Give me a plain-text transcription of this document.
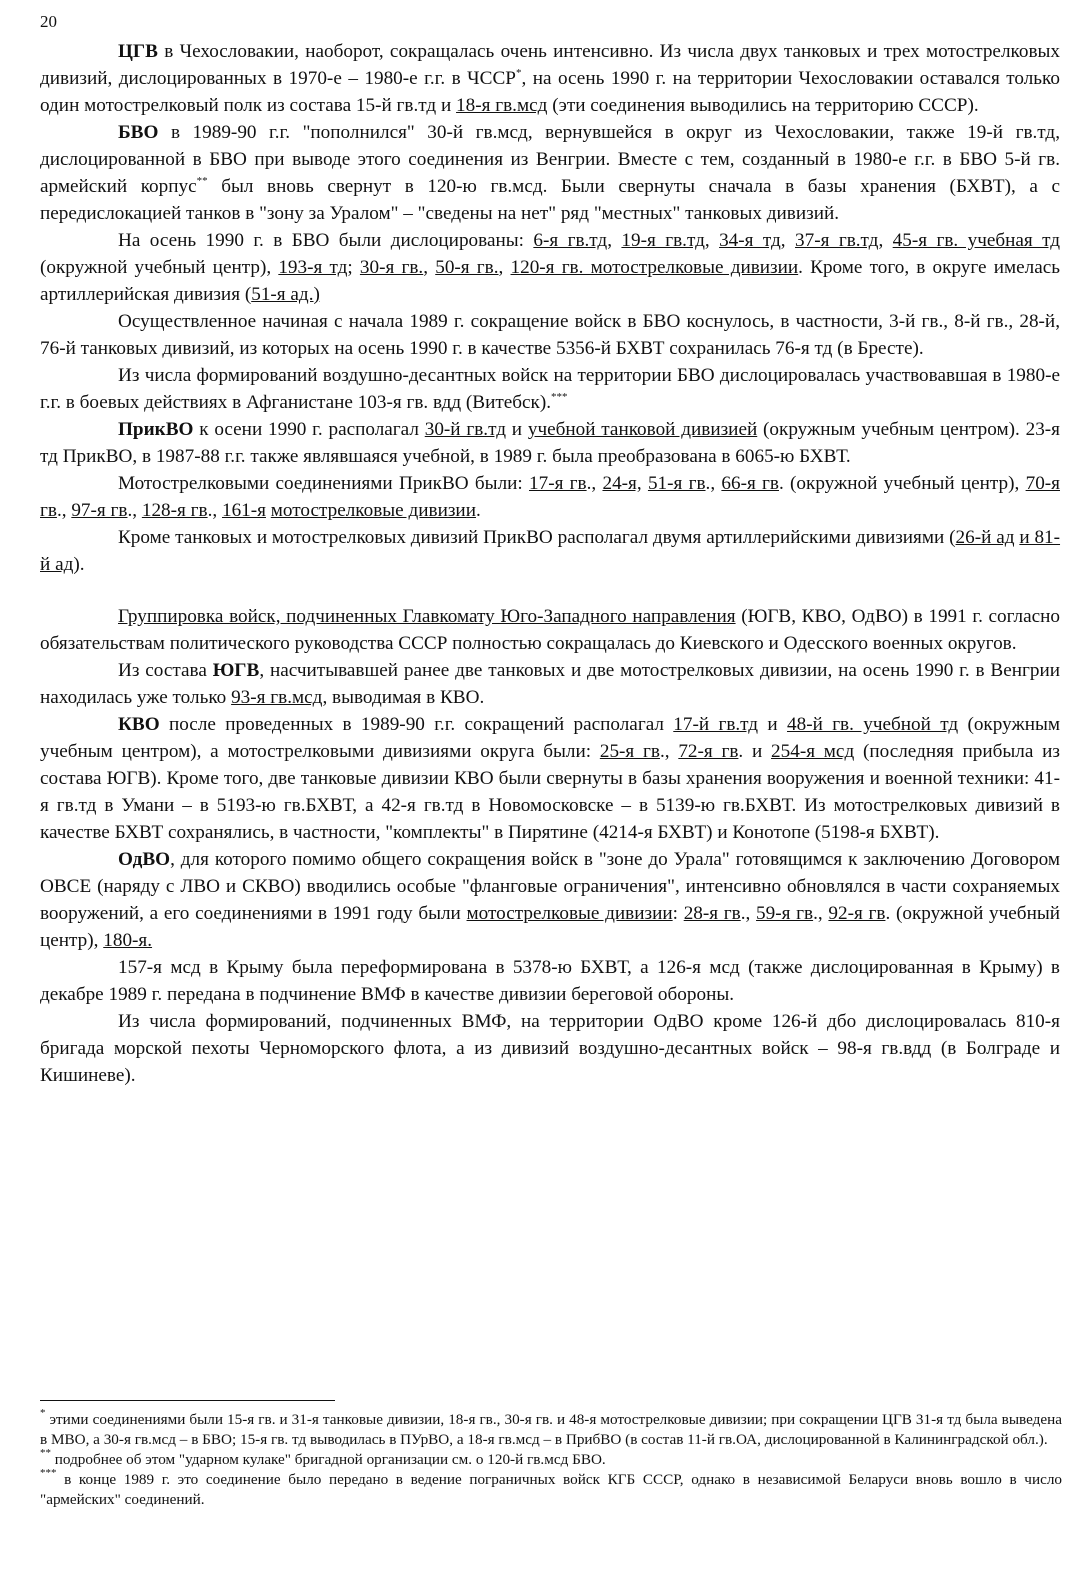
20

ЦГВ в Чехословакии, наоборот, сокращалась очень интенсивно. Из числа двух танковых и трех мотострелковых дивизий, дислоцированных в 1970-е – 1980-е г.г. в ЧССР*, на осень 1990 г. на территории Чехословакии оставался только один мотострелковый полк из состава 15-й гв.тд и 18-я гв.мсд (эти соединения выводились на территорию СССР).

БВО в 1989-90 г.г. "пополнился" 30-й гв.мсд, вернувшейся в округ из Чехословакии, также 19-й гв.тд, дислоцированной в БВО при выводе этого соединения из Венгрии. Вместе с тем, созданный в 1980-е г.г. в БВО 5-й гв. армейский корпус** был вновь свернут в 120-ю гв.мсд. Были свернуты сначала в базы хранения (БХВТ), а с передислокацией танков в "зону за Уралом" – "сведены на нет" ряд "местных" танковых дивизий.

На осень 1990 г. в БВО были дислоцированы: 6-я гв.тд, 19-я гв.тд, 34-я тд, 37-я гв.тд, 45-я гв. учебная тд (окружной учебный центр), 193-я тд; 30-я гв., 50-я гв., 120-я гв. мотострелковые дивизии. Кроме того, в округе имелась артиллерийская дивизия (51-я ад.)

Осуществленное начиная с начала 1989 г. сокращение войск в БВО коснулось, в частности, 3-й гв., 8-й гв., 28-й, 76-й танковых дивизий, из которых на осень 1990 г. в качестве 5356-й БХВТ сохранилась 76-я тд (в Бресте).

Из числа формирований воздушно-десантных войск на территории БВО дислоцировалась участвовавшая в 1980-е г.г. в боевых действиях в Афганистане 103-я гв. вдд (Витебск).***

ПрикВО к осени 1990 г. располагал 30-й гв.тд и учебной танковой дивизией (окружным учебным центром). 23-я тд ПрикВО, в 1987-88 г.г. также являвшаяся учебной, в 1989 г. была преобразована в 6065-ю БХВТ.

Мотострелковыми соединениями ПрикВО были: 17-я гв., 24-я, 51-я гв., 66-я гв. (окружной учебный центр), 70-я гв., 97-я гв., 128-я гв., 161-я мотострелковые дивизии.

Кроме танковых и мотострелковых дивизий ПрикВО располагал двумя артиллерийскими дивизиями (26-й ад и 81-й ад).

Группировка войск, подчиненных Главкомату Юго-Западного направления (ЮГВ, КВО, ОдВО) в 1991 г. согласно обязательствам политического руководства СССР полностью сокращалась до Киевского и Одесского военных округов.

Из состава ЮГВ, насчитывавшей ранее две танковых и две мотострелковых дивизии, на осень 1990 г. в Венгрии находилась уже только 93-я гв.мсд, выводимая в КВО.

КВО после проведенных в 1989-90 г.г. сокращений располагал 17-й гв.тд и 48-й гв. учебной тд (окружным учебным центром), а мотострелковыми дивизиями округа были: 25-я гв., 72-я гв. и 254-я мсд (последняя прибыла из состава ЮГВ). Кроме того, две танковые дивизии КВО были свернуты в базы хранения вооружения и военной техники: 41-я гв.тд в Умани – в 5193-ю гв.БХВТ, а 42-я гв.тд в Новомосковске – в 5139-ю гв.БХВТ. Из мотострелковых дивизий в качестве БХВТ сохранялись, в частности, "комплекты" в Пирятине (4214-я БХВТ) и Конотопе (5198-я БХВТ).

ОдВО, для которого помимо общего сокращения войск в "зоне до Урала" готовящимся к заключению Договором ОВСЕ (наряду с ЛВО и СКВО) вводились особые "фланговые ограничения", интенсивно обновлялся в части сохраняемых вооружений, а его соединениями в 1991 году были мотострелковые дивизии: 28-я гв., 59-я гв., 92-я гв. (окружной учебный центр), 180-я.

157-я мсд в Крыму была переформирована в 5378-ю БХВТ, а 126-я мсд (также дислоцированная в Крыму) в декабре 1989 г. передана в подчинение ВМФ в качестве дивизии береговой обороны.

Из числа формирований, подчиненных ВМФ, на территории ОдВО кроме 126-й дбо дислоцировалась 810-я бригада морской пехоты Черноморского флота, а из дивизий воздушно-десантных войск – 98-я гв.вдд (в Болграде и Кишиневе).

* этими соединениями были 15-я гв. и 31-я танковые дивизии, 18-я гв., 30-я гв. и 48-я мотострелковые дивизии; при сокращении ЦГВ 31-я тд была выведена в МВО, а 30-я гв.мсд – в БВО; 15-я гв. тд выводилась в ПУрВО, а 18-я гв.мсд – в ПрибВО (в состав 11-й гв.ОА, дислоцированной в Калининградской обл.).

** подробнее об этом "ударном кулаке" бригадной организации см. о 120-й гв.мсд БВО.

*** в конце 1989 г. это соединение было передано в ведение пограничных войск КГБ СССР, однако в независимой Беларуси вновь вошло в число "армейских" соединений.
